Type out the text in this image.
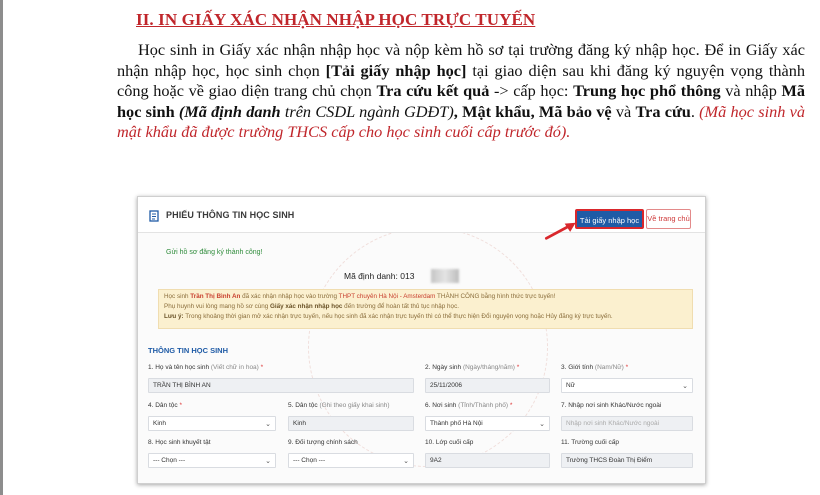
II. IN GIẤY XÁC NHẬN NHẬP HỌC TRỰC TUYẾN
Học sinh in Giấy xác nhận nhập học và nộp kèm hồ sơ tại trường đăng ký nhập học. Để in Giấy xác nhận nhập học, học sinh chọn [Tải giấy nhập học] tại giao diện sau khi đăng ký nguyện vọng thành công hoặc về giao diện trang chủ chọn Tra cứu kết quả -> cấp học: Trung học phổ thông và nhập Mã học sinh (Mã định danh trên CSDL ngành GDĐT), Mật khẩu, Mã bảo vệ và Tra cứu. (Mã học sinh và mật khẩu đã được trường THCS cấp cho học sinh cuối cấp trước đó).
PHIẾU THÔNG TIN HỌC SINH
Tải giấy nhập học	Về trang chủ
Gửi hồ sơ đăng ký thành công!
Mã định danh: 013
Học sinh Trần Thị Bình An đã xác nhận nhập học vào trường THPT chuyên Hà Nội - Amsterdam THÀNH CÔNG bằng hình thức trực tuyến!
Phụ huynh vui lòng mang hồ sơ cùng Giấy xác nhận nhập học đến trường để hoàn tất thủ tục nhập học.
Lưu ý: Trong khoảng thời gian mở xác nhận trực tuyến, nếu học sinh đã xác nhận trực tuyến thì có thể thực hiện Đổi nguyện vọng hoặc Hủy đăng ký trực tuyến.
THÔNG TIN HỌC SINH
1. Họ và tên học sinh (Viết chữ in hoa) *
TRẦN THỊ BÌNH AN
2. Ngày sinh (Ngày/tháng/năm) *
25/11/2006
3. Giới tính (Nam/Nữ) *
Nữ	⌄
4. Dân tộc *
Kinh	⌄
5. Dân tộc (Ghi theo giấy khai sinh)
Kinh
6. Nơi sinh (Tỉnh/Thành phố) *
Thành phố Hà Nội	⌄
7. Nhập nơi sinh Khác/Nước ngoài
Nhập nơi sinh Khác/Nước ngoài
8. Học sinh khuyết tật
--- Chọn ---	⌄
9. Đối tượng chính sách
--- Chọn ---	⌄
10. Lớp cuối cấp
9A2
11. Trường cuối cấp
Trường THCS Đoàn Thị Điểm
